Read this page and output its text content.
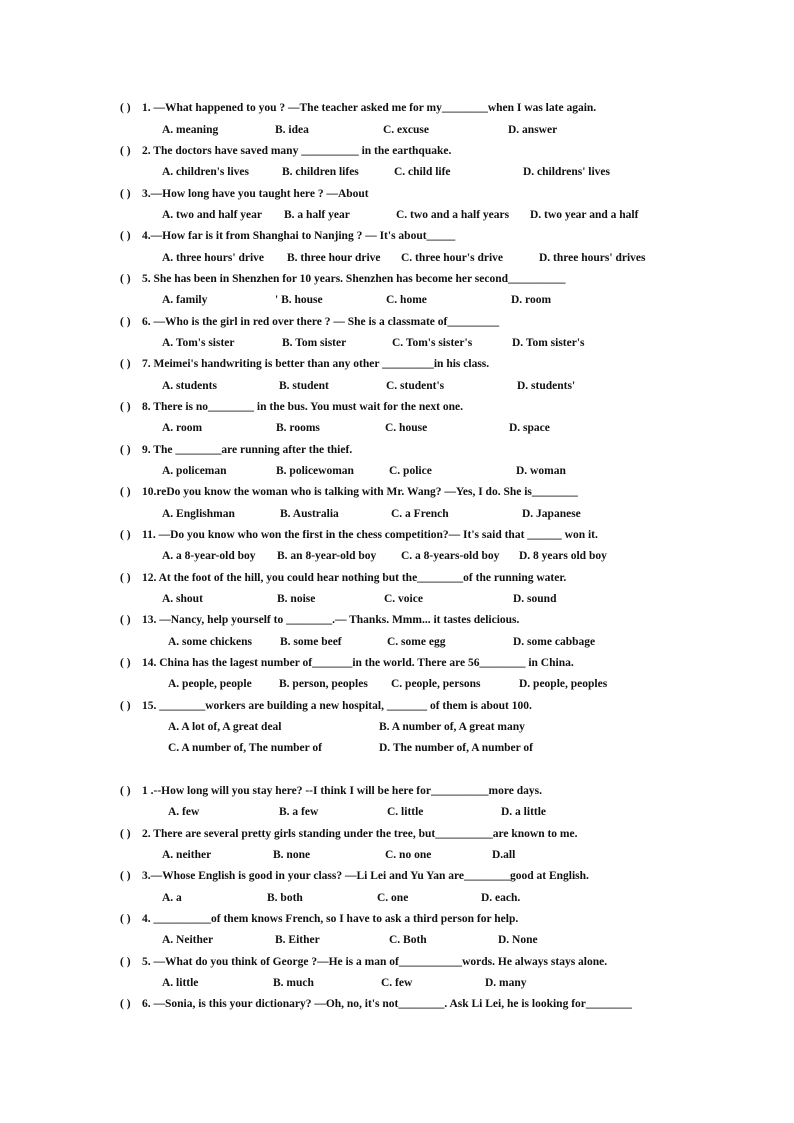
( ) 1. —What happened to you ? —The teacher asked me for my________when I was late again.
A. meaning	B. idea	C. excuse	D. answer
( ) 2. The doctors have saved many __________ in the earthquake.
A. children's lives	B. children lifes	C. child life	D. childrens' lives
( ) 3.—How long have you taught here ? —About
A. two and half year B. a half year	C. two and a half years D. two year and a half
( ) 4.—How far is it from Shanghai to Nanjing ? — It's about_____
A. three hours' drive B. three hour drive C. three hour's drive	D. three hours' drives
( ) 5. She has been in Shenzhen for 10 years. Shenzhen has become her second__________
A. family	' B. house	C. home	D. room
( ) 6. —Who is the girl in red over there ? — She is a classmate of_________
A. Tom's sister	B. Tom sister	C. Tom's sister's	D. Tom sister's
( ) 7. Meimei's handwriting is better than any other _________in his class.
A. students	B. student	C. student's	D. students'
( ) 8. There is no________ in the bus. You must wait for the next one.
A. room	B. rooms	C. house	D. space
( ) 9. The ________are running after the thief.
A. policeman	B. policewoman	C. police	D. woman
( ) 10.reDo you know the woman who is talking with Mr. Wang? —Yes, I do. She is________
A. Englishman	B. Australia	C. a French	D. Japanese
( ) 11. —Do you know who won the first in the chess competition?— It's said that ______ won it.
A. a 8-year-old boy B. an 8-year-old boy C. a 8-years-old boy D. 8 years old boy
( ) 12. At the foot of the hill, you could hear nothing but the________of the running water.
A. shout	B. noise	C. voice	D. sound
( ) 13. —Nancy, help yourself to ________.— Thanks. Mmm... it tastes delicious.
A. some chickens B. some beef	C. some egg	D. some cabbage
( ) 14. China has the lagest number of_______in the world. There are 56________ in China.
A. people, people B. person, peoples C. people, persons	D. people, peoples
( ) 15. ________workers are building a new hospital, _______ of them is about 100.
A. A lot of, A great deal	B. A number of, A great many
C. A number of, The number of	D. The number of, A number of
( ) 1 .--How long will you stay here? --I think I will be here for__________more days.
A. few	B. a few	C. little	D. a little
( ) 2. There are several pretty girls standing under the tree, but__________are known to me.
A. neither	B. none	C. no one	D.all
( ) 3.—Whose English is good in your class? —Li Lei and Yu Yan are________good at English.
A. a	B. both	C. one	D. each.
( ) 4. __________of them knows French, so I have to ask a third person for help.
A. Neither	B. Either	C. Both	D. None
( ) 5. —What do you think of George ?—He is a man of___________words. He always stays alone.
A. little	B. much	C. few	D. many
( ) 6. —Sonia, is this your dictionary? —Oh, no, it's not________. Ask Li Lei, he is looking for________
